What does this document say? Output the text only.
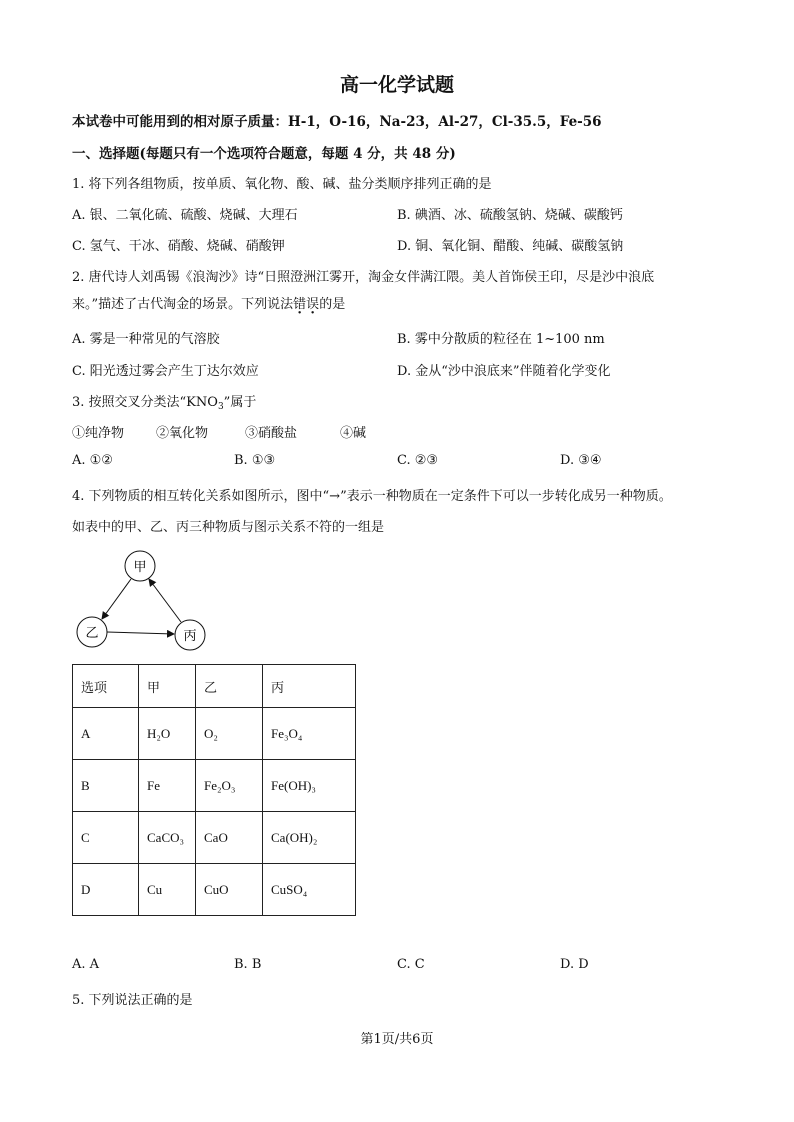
高一化学试题
本试卷中可能用到的相对原子质量：H-1，O-16，Na-23，Al-27，Cl-35.5，Fe-56
一、选择题(每题只有一个选项符合题意，每题 4 分，共 48 分)
1. 将下列各组物质，按单质、氧化物、酸、碱、盐分类顺序排列正确的是
A. 银、二氧化硫、硫酸、烧碱、大理石	B. 碘酒、冰、硫酸氢钠、烧碱、碳酸钙
C. 氢气、干冰、硝酸、烧碱、硝酸钾	D. 铜、氧化铜、醋酸、纯碱、碳酸氢钠
2. 唐代诗人刘禹锡《浪淘沙》诗“日照澄洲江雾开，淘金女伴满江隈。美人首饰侯王印，尽是沙中浪底
来。”描述了古代淘金的场景。下列说法错误的是
A. 雾是一种常见的气溶胶	B. 雾中分散质的粒径在 1~100 nm
C. 阳光透过雾会产生丁达尔效应	D. 金从“沙中浪底来”伴随着化学变化
3. 按照交叉分类法“$KNO_3$”属于
①纯净物 ②氧化物	③硝酸盐	④碱
A. ①②	B. ①③	C. ②③	D. ③④
4. 下列物质的相互转化关系如图所示，图中“→”表示一种物质在一定条件下可以一步转化成另一种物质。
如表中的甲、乙、丙三种物质与图示关系不符的一组是
甲
乙	丙
选项	甲	乙	丙
A	H₂O	O₂	Fe₃O₄
B	Fe	Fe₂O₃	Fe(OH)₃
C	CaCO₃	CaO	Ca(OH)₂
D	Cu	CuO	CuSO₄
A. A	B. B	C. C	D. D
5. 下列说法正确的是
第1页/共6页
